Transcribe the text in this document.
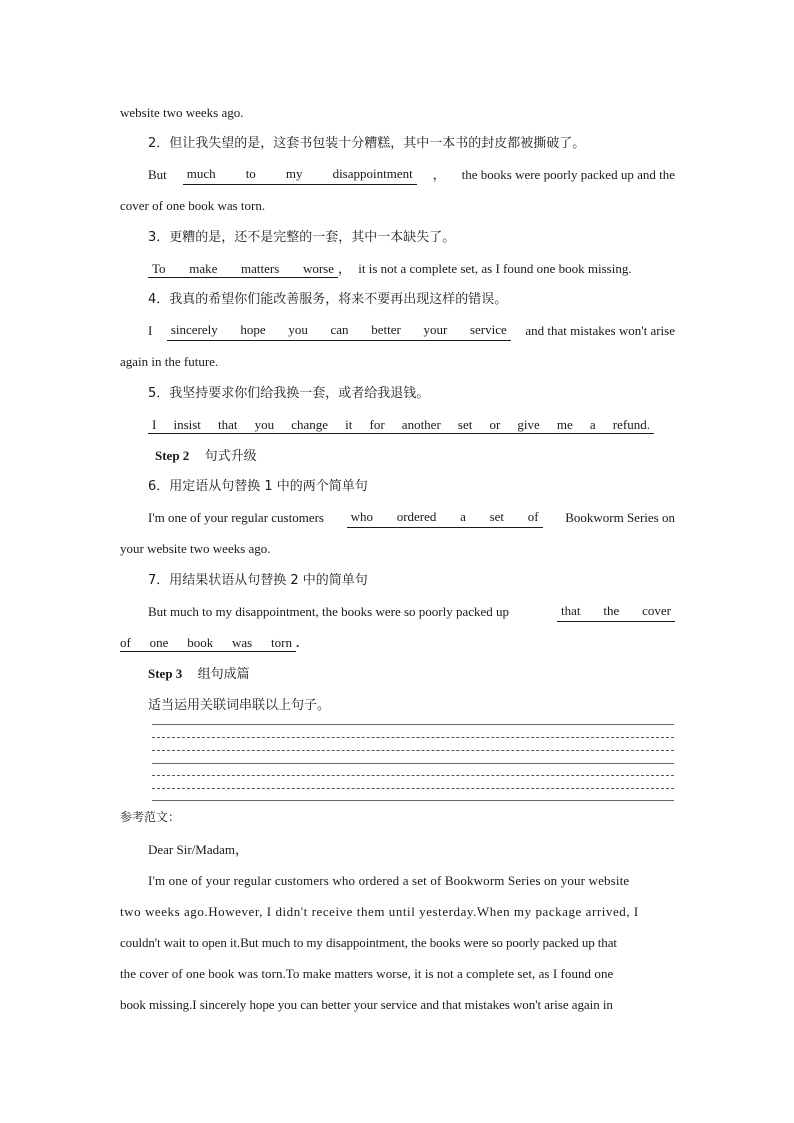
website two weeks ago.
2．但让我失望的是，这套书包装十分糟糕，其中一本书的封皮都被撕破了。
But much to my disappointment ， the books were poorly packed up and the
cover of one book was torn.
3．更糟的是，还不是完整的一套，其中一本缺失了。
To make matters worse ， it is not a complete set, as I found one book missing.
4．我真的希望你们能改善服务，将来不要再出现这样的错误。
I sincerely hope you can better your service and that mistakes won't arise
again in the future.
5．我坚持要求你们给我换一套，或者给我退钱。
I insist that you change it for another set or give me a refund.
Step 2 句式升级
6．用定语从句替换 1 中的两个简单句
I'm one of your regular customers who ordered a set of Bookworm Series on
your website two weeks ago.
7．用结果状语从句替换 2 中的简单句
But much to my disappointment, the books were so poorly packed up	that the cover
of one book was torn .
Step 3 组句成篇
适当运用关联词串联以上句子。
参考范文：
Dear Sir/Madam，
I'm one of your regular customers who ordered a set of Bookworm Series on your website
two weeks ago.However, I didn't receive them until yesterday.When my package arrived, I
couldn't wait to open it.But much to my disappointment, the books were so poorly packed up that
the cover of one book was torn.To make matters worse, it is not a complete set, as I found one
book missing.I sincerely hope you can better your service and that mistakes won't arise again in
